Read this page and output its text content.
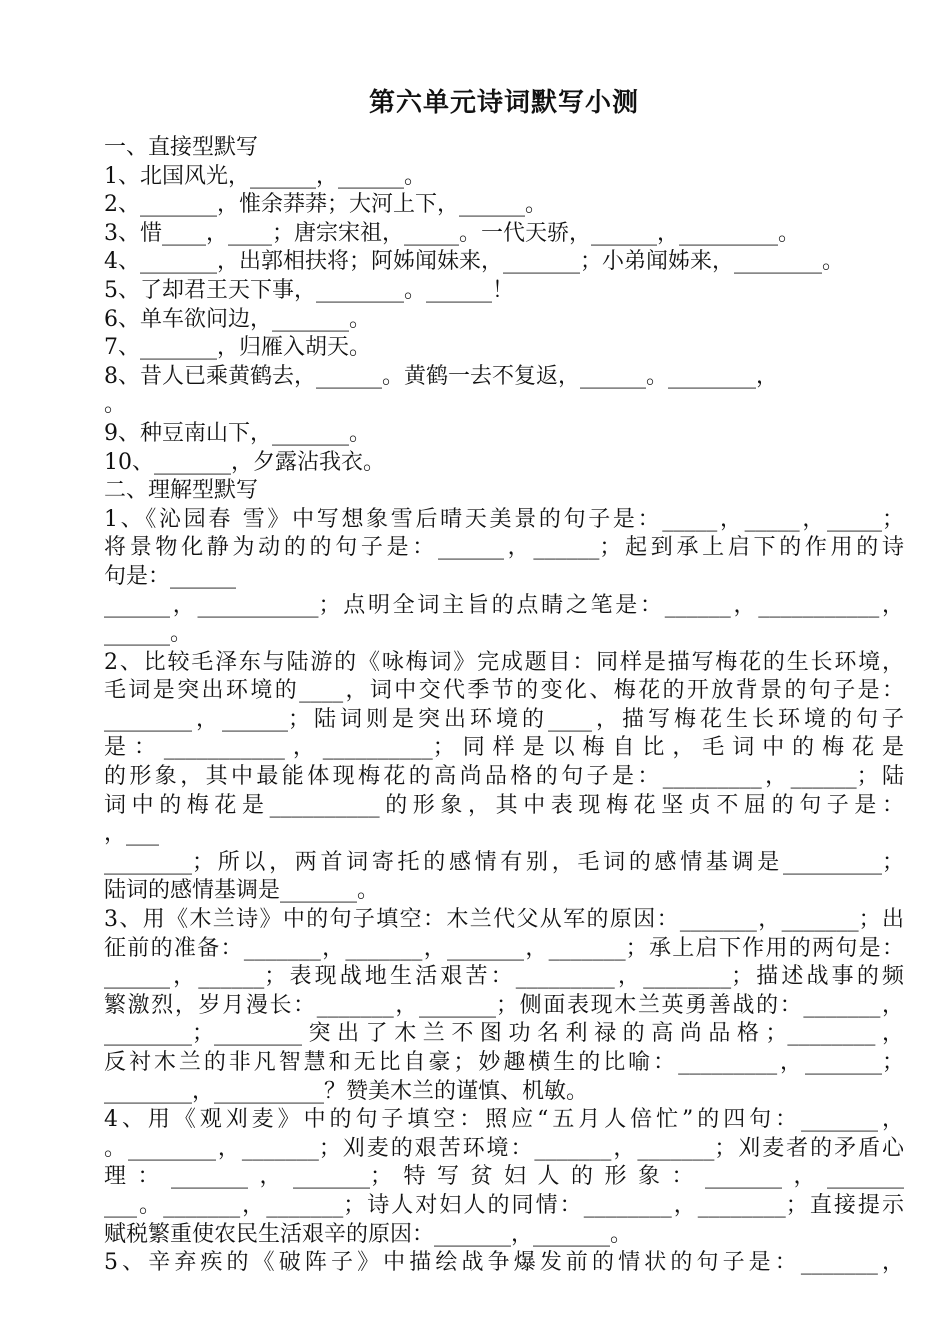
第六单元诗词默写小测
一、直接型默写
1、北国风光，______，______。
2、_______，惟余莽莽；大河上下，______。
3、惜____，____；唐宗宋祖，_____。一代天骄，______，_________。
4、_______，出郭相扶将；阿姊闻妹来，_______；小弟闻姊来，________。
5、了却君王天下事，________。______！
6、单车欲问边，_______。
7、_______，归雁入胡天。
8、昔人已乘黄鹤去，______。黄鹤一去不复返，______。________，
。
9、种豆南山下，_______。
10、_______，夕露沾我衣。
二、理解型默写
1、《沁园春 雪》中写想象雪后晴天美景的句子是：_____，_____，_____；
将景物化静为动的的句子是：______，______；起到承上启下的作用的诗
句是：______
______，___________；点明全词主旨的点睛之笔是：______，___________，
______。
2、比较毛泽东与陆游的《咏梅词》完成题目：同样是描写梅花的生长环境，
毛词是突出环境的____，词中交代季节的变化、梅花的开放背景的句子是：
________，______；陆词则是突出环境的____，描写梅花生长环境的句子
是：___________，__________；同样是以梅自比，毛词中的梅花是
的形象，其中最能体现梅花的高尚品格的句子是：_________，______；陆
词中的梅花是__________的形象，其中表现梅花坚贞不屈的句子是：
，___
________；所以，两首词寄托的感情有别，毛词的感情基调是_________；
陆词的感情基调是_______。
3、用《木兰诗》中的句子填空：木兰代父从军的原因：_______，_______；出
征前的准备：_______，_______，_______，_______；承上启下作用的两句是：
______，______；表现战地生活艰苦：_________，________；描述战事的频
繁激烈，岁月漫长：_______，_______；侧面表现木兰英勇善战的：_______，
________；________突出了木兰不图功名利禄的高尚品格；________，
反衬木兰的非凡智慧和无比自豪；妙趣横生的比喻：_________，_______；
________，__________？赞美木兰的谨慎、机敏。
4、用《观刈麦》中的句子填空：照应“五月人倍忙”的四句：_______，
。________，_______；刈麦的艰苦环境：_______，_______；刈麦者的矛盾心
理：_______，_______；特写贫妇人的形象：_______，_______
___。_______，_______；诗人对妇人的同情：________，________；直接提示
赋税繁重使农民生活艰辛的原因：_______，_______。
5、辛弃疾的《破阵子》中描绘战争爆发前的情状的句子是：_______，
